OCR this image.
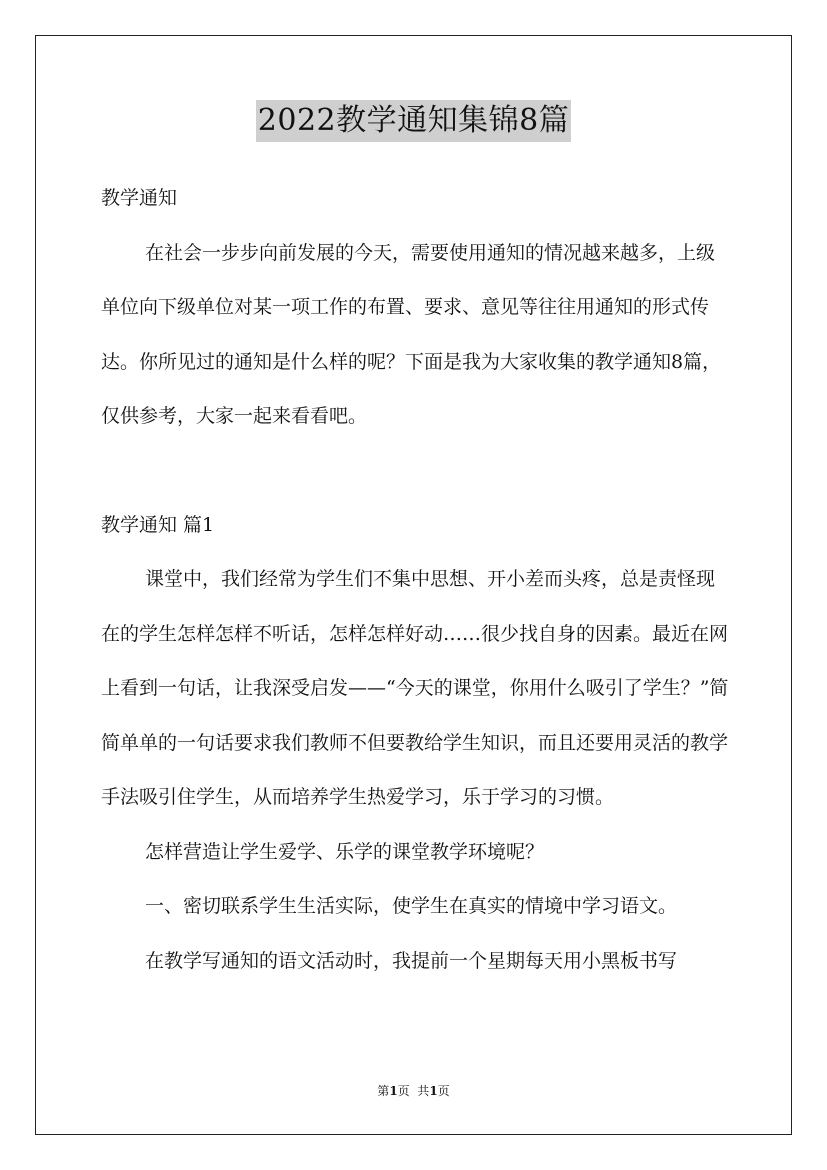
2022教学通知集锦8篇

教学通知

在社会一步步向前发展的今天，需要使用通知的情况越来越多，上级单位向下级单位对某一项工作的布置、要求、意见等往往用通知的形式传达。你所见过的通知是什么样的呢？下面是我为大家收集的教学通知8篇，仅供参考，大家一起来看看吧。

教学通知 篇1

课堂中，我们经常为学生们不集中思想、开小差而头疼，总是责怪现在的学生怎样怎样不听话，怎样怎样好动……很少找自身的因素。最近在网上看到一句话，让我深受启发——“今天的课堂，你用什么吸引了学生？”简简单单的一句话要求我们教师不但要教给学生知识，而且还要用灵活的教学手法吸引住学生，从而培养学生热爱学习，乐于学习的习惯。

怎样营造让学生爱学、乐学的课堂教学环境呢？

一、密切联系学生生活实际，使学生在真实的情境中学习语文。

在教学写通知的语文活动时，我提前一个星期每天用小黑板书写

第1页  共1页
